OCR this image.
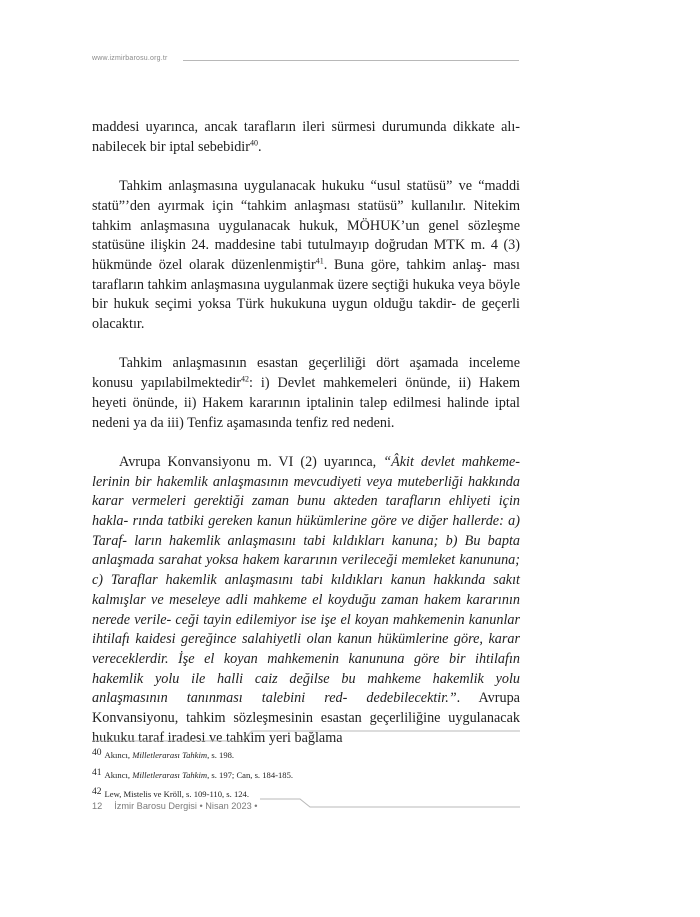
www.izmirbarosu.org.tr

maddesi uyarınca, ancak tarafların ileri sürmesi durumunda dikkate alı- nabilecek bir iptal sebebidir$^{40}$.

Tahkim anlaşmasına uygulanacak hukuku “usul statüsü” ve “maddi statü”’den ayırmak için “tahkim anlaşması statüsü” kullanılır. Nitekim tahkim anlaşmasına uygulanacak hukuk, MÖHUK’un genel sözleşme statüsüne ilişkin 24. maddesine tabi tutulmayıp doğrudan MTK m. 4 (3) hükmünde özel olarak düzenlenmiştir$^{41}$. Buna göre, tahkim anlaş- ması tarafların tahkim anlaşmasına uygulanmak üzere seçtiği hukuka veya böyle bir hukuk seçimi yoksa Türk hukukuna uygun olduğu takdir- de geçerli olacaktır.

Tahkim anlaşmasının esastan geçerliliği dört aşamada inceleme konusu yapılabilmektedir$^{42}$: i) Devlet mahkemeleri önünde, ii) Hakem heyeti önünde, ii) Hakem kararının iptalinin talep edilmesi halinde iptal nedeni ya da iii) Tenfiz aşamasında tenfiz red nedeni.

Avrupa Konvansiyonu m. VI (2) uyarınca, “Âkit devlet mahkeme- lerinin bir hakemlik anlaşmasının mevcudiyeti veya muteberliği hakkında karar vermeleri gerektiği zaman bunu akteden tarafların ehliyeti için hakla- rında tatbiki gereken kanun hükümlerine göre ve diğer hallerde: a) Taraf- ların hakemlik anlaşmasını tabi kıldıkları kanuna; b) Bu bapta anlaşmada sarahat yoksa hakem kararının verileceği memleket kanununa; c) Taraflar hakemlik anlaşmasını tabi kıldıkları kanun hakkında sakıt kalmışlar ve meseleye adli mahkeme el koyduğu zaman hakem kararının nerede verile- ceği tayin edilemiyor ise işe el koyan mahkemenin kanunlar ihtilafı kaidesi gereğince salahiyetli olan kanun hükümlerine göre, karar vereceklerdir. İşe el koyan mahkemenin kanununa göre bir ihtilafın hakemlik yolu ile halli caiz değilse bu mahkeme hakemlik yolu anlaşmasının tanınması talebini red- dedebilecektir.”. Avrupa Konvansiyonu, tahkim sözleşmesinin esastan geçerliliğine uygulanacak hukuku taraf iradesi ve tahkim yeri bağlama

40 Akıncı, Milletlerarası Tahkim, s. 198.
41 Akıncı, Milletlerarası Tahkim, s. 197; Can, s. 184-185.
42 Lew, Mistelis ve Kröll, s. 109-110, s. 124.
12 İzmir Barosu Dergisi • Nisan 2023 •
